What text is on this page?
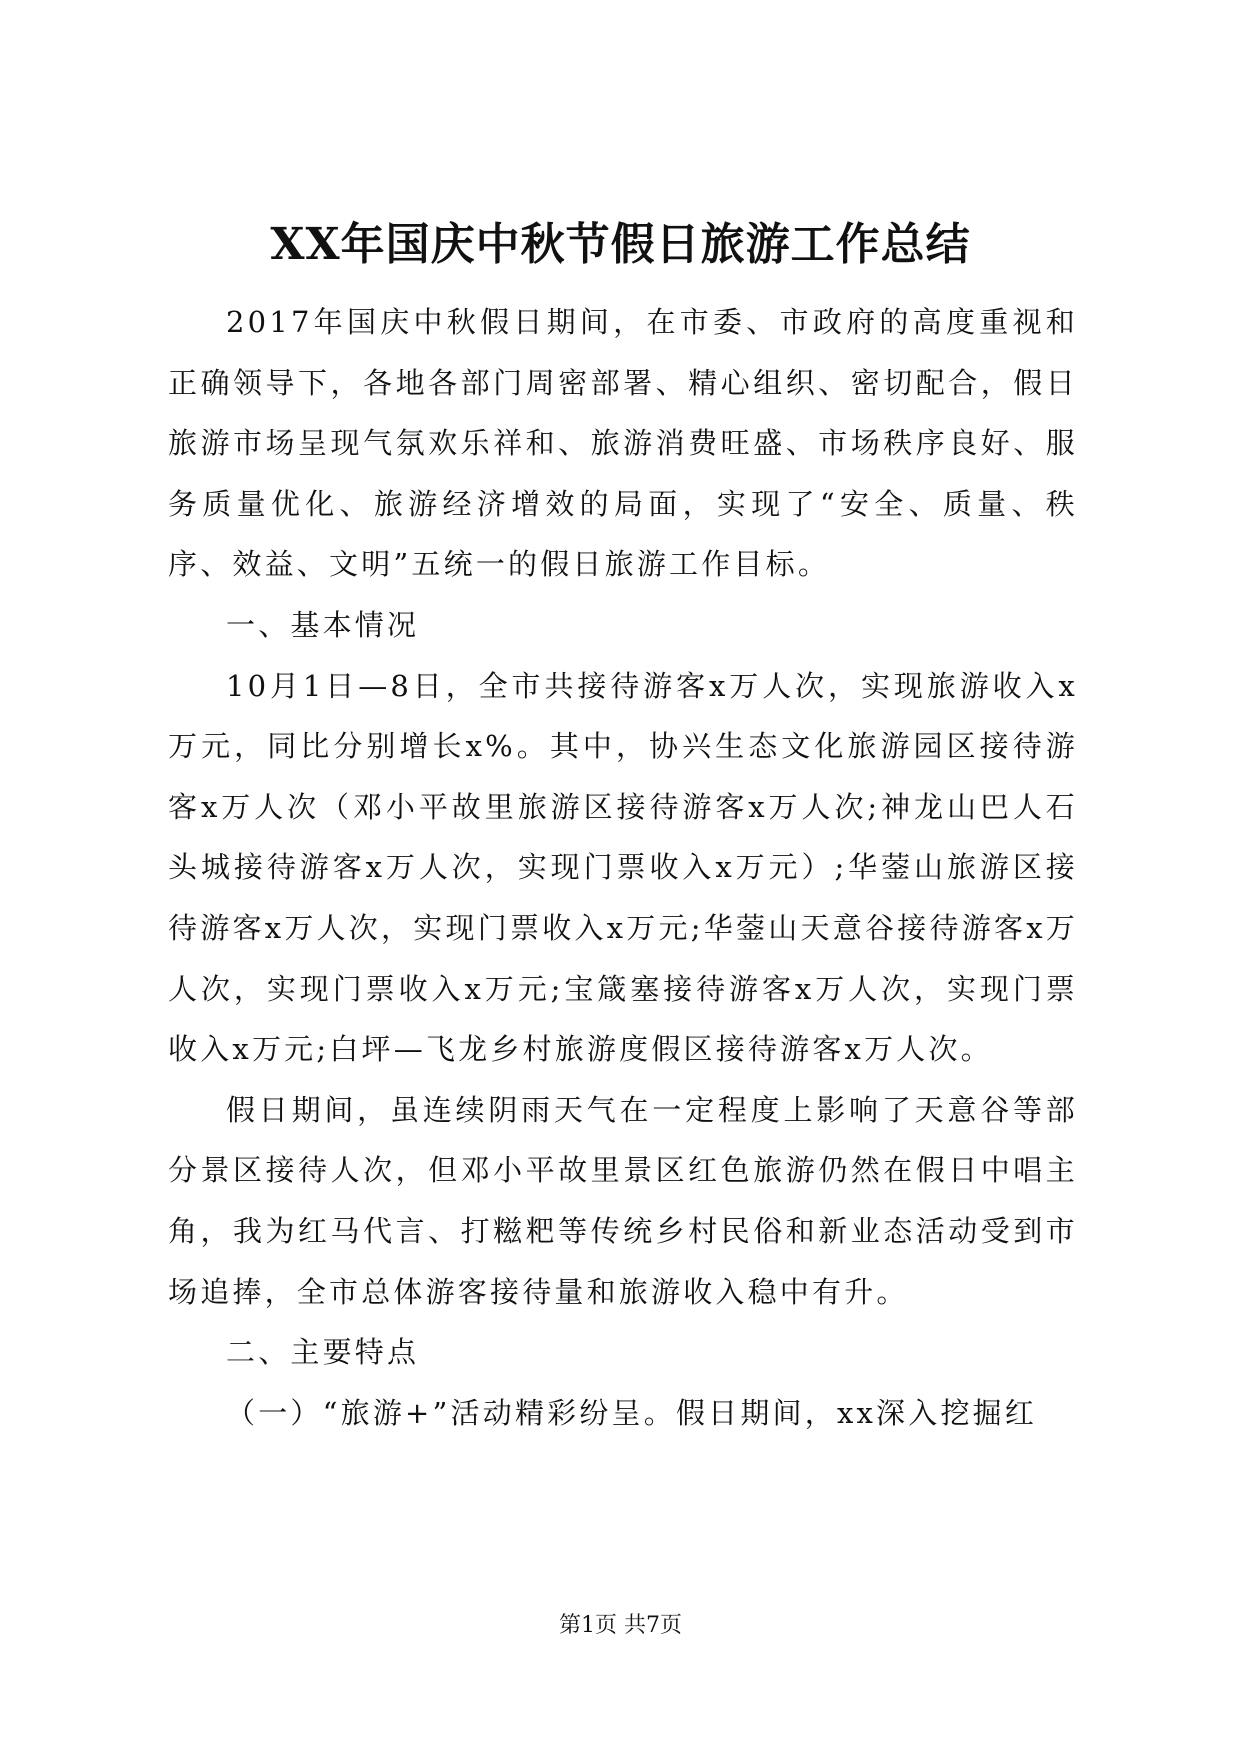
XX年国庆中秋节假日旅游工作总结

2017年国庆中秋假日期间，在市委、市政府的高度重视和正确领导下，各地各部门周密部署、精心组织、密切配合，假日旅游市场呈现气氛欢乐祥和、旅游消费旺盛、市场秩序良好、服务质量优化、旅游经济增效的局面，实现了“安全、质量、秩序、效益、文明”五统一的假日旅游工作目标。

一、基本情况

10月1日—8日，全市共接待游客x万人次，实现旅游收入x万元，同比分别增长x%。其中，协兴生态文化旅游园区接待游客x万人次（邓小平故里旅游区接待游客x万人次;神龙山巴人石头城接待游客x万人次，实现门票收入x万元）;华蓥山旅游区接待游客x万人次，实现门票收入x万元;华蓥山天意谷接待游客x万人次，实现门票收入x万元;宝箴塞接待游客x万人次，实现门票收入x万元;白坪—飞龙乡村旅游度假区接待游客x万人次。

假日期间，虽连续阴雨天气在一定程度上影响了天意谷等部分景区接待人次，但邓小平故里景区红色旅游仍然在假日中唱主角，我为红马代言、打糍粑等传统乡村民俗和新业态活动受到市场追捧，全市总体游客接待量和旅游收入稳中有升。

二、主要特点

（一）“旅游+”活动精彩纷呈。假日期间，xx深入挖掘红

第1页 共7页
